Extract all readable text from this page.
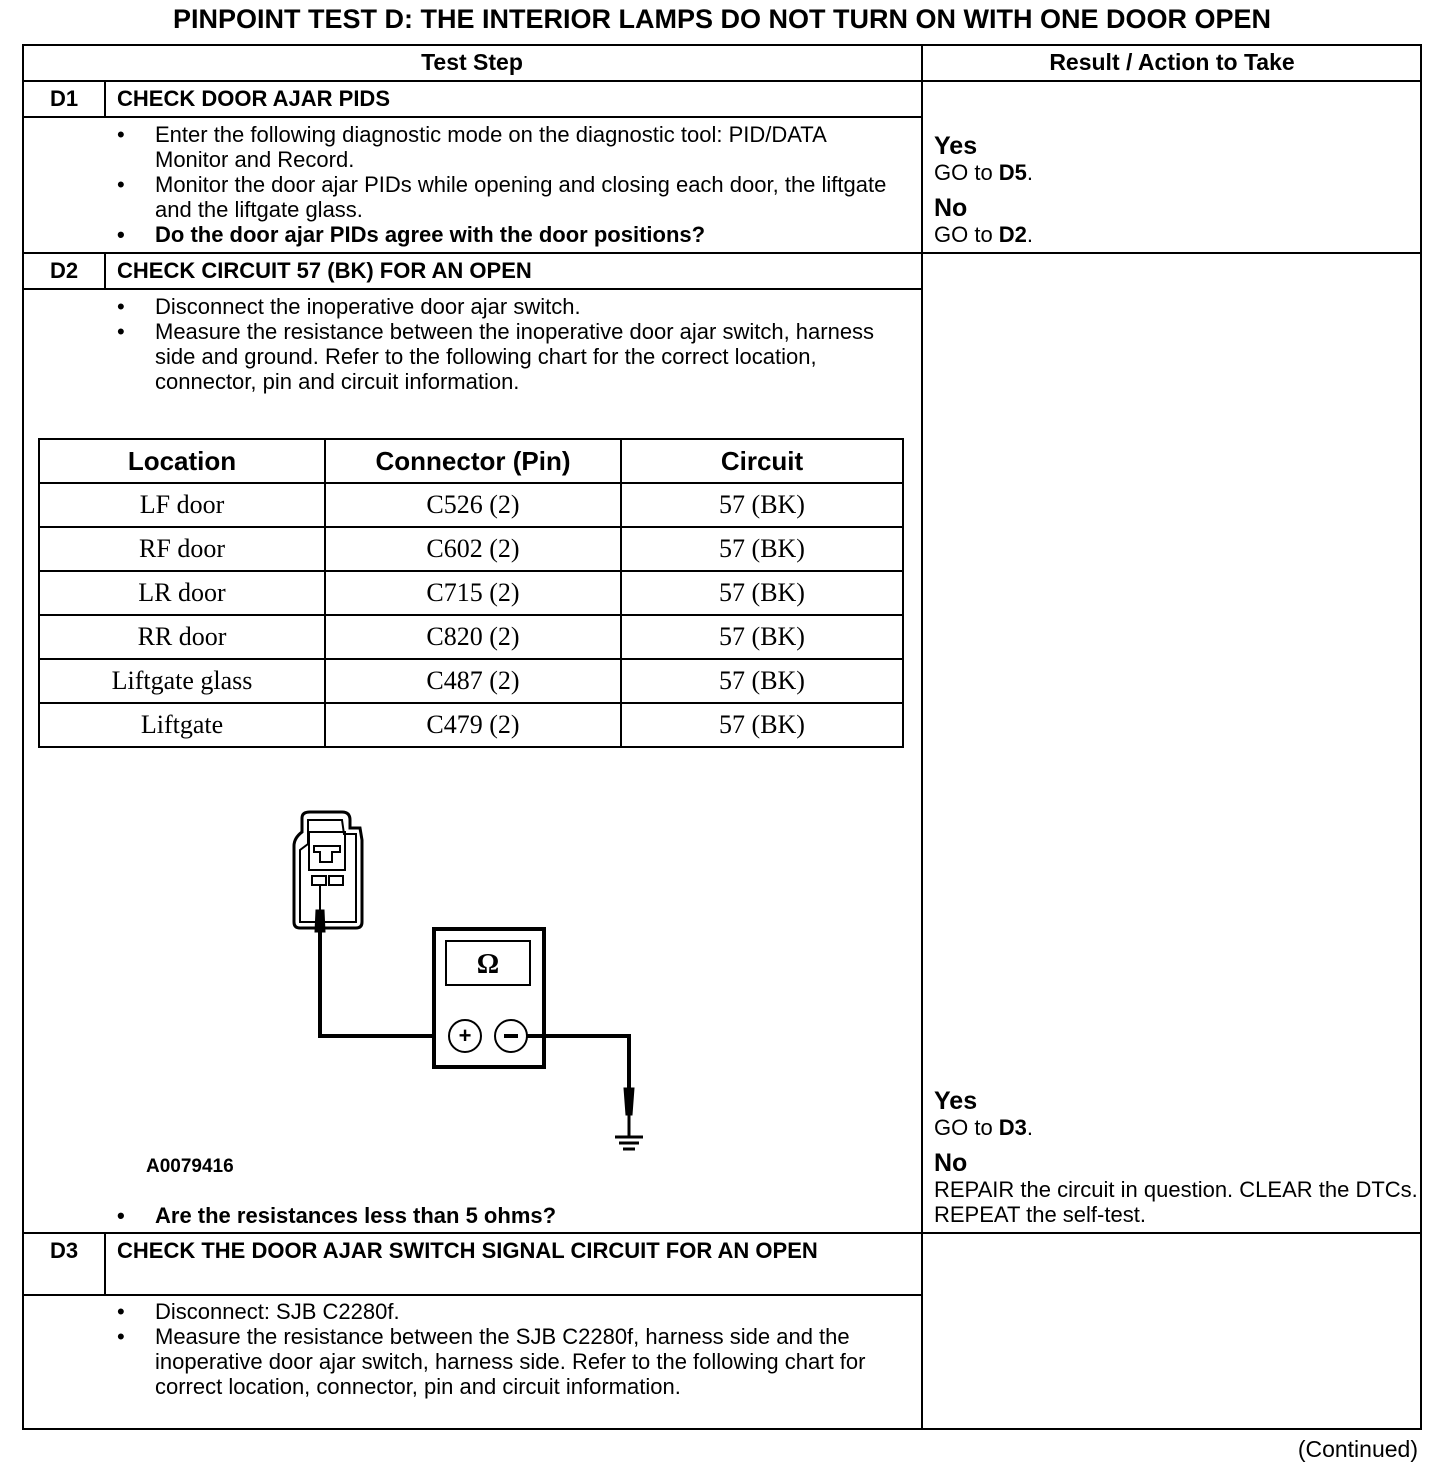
PINPOINT TEST D: THE INTERIOR LAMPS DO NOT TURN ON WITH ONE DOOR OPEN
Test Step	Result / Action to Take
D1	CHECK DOOR AJAR PIDS
• Enter the following diagnostic mode on the diagnostic tool: PID/DATA Monitor and Record.
• Monitor the door ajar PIDs while opening and closing each door, the liftgate and the liftgate glass.
• Do the door ajar PIDs agree with the door positions?
Yes
GO to D5.
No
GO to D2.
D2	CHECK CIRCUIT 57 (BK) FOR AN OPEN
• Disconnect the inoperative door ajar switch.
• Measure the resistance between the inoperative door ajar switch, harness side and ground. Refer to the following chart for the correct location, connector, pin and circuit information.
Location	Connector (Pin)	Circuit
LF door	C526 (2)	57 (BK)
RF door	C602 (2)	57 (BK)
LR door	C715 (2)	57 (BK)
RR door	C820 (2)	57 (BK)
Liftgate glass	C487 (2)	57 (BK)
Liftgate	C479 (2)	57 (BK)
Ω
+
A0079416
• Are the resistances less than 5 ohms?
Yes
GO to D3.
No
REPAIR the circuit in question. CLEAR the DTCs. REPEAT the self-test.
D3	CHECK THE DOOR AJAR SWITCH SIGNAL CIRCUIT FOR AN OPEN
• Disconnect: SJB C2280f.
• Measure the resistance between the SJB C2280f, harness side and the inoperative door ajar switch, harness side. Refer to the following chart for correct location, connector, pin and circuit information.
(Continued)
